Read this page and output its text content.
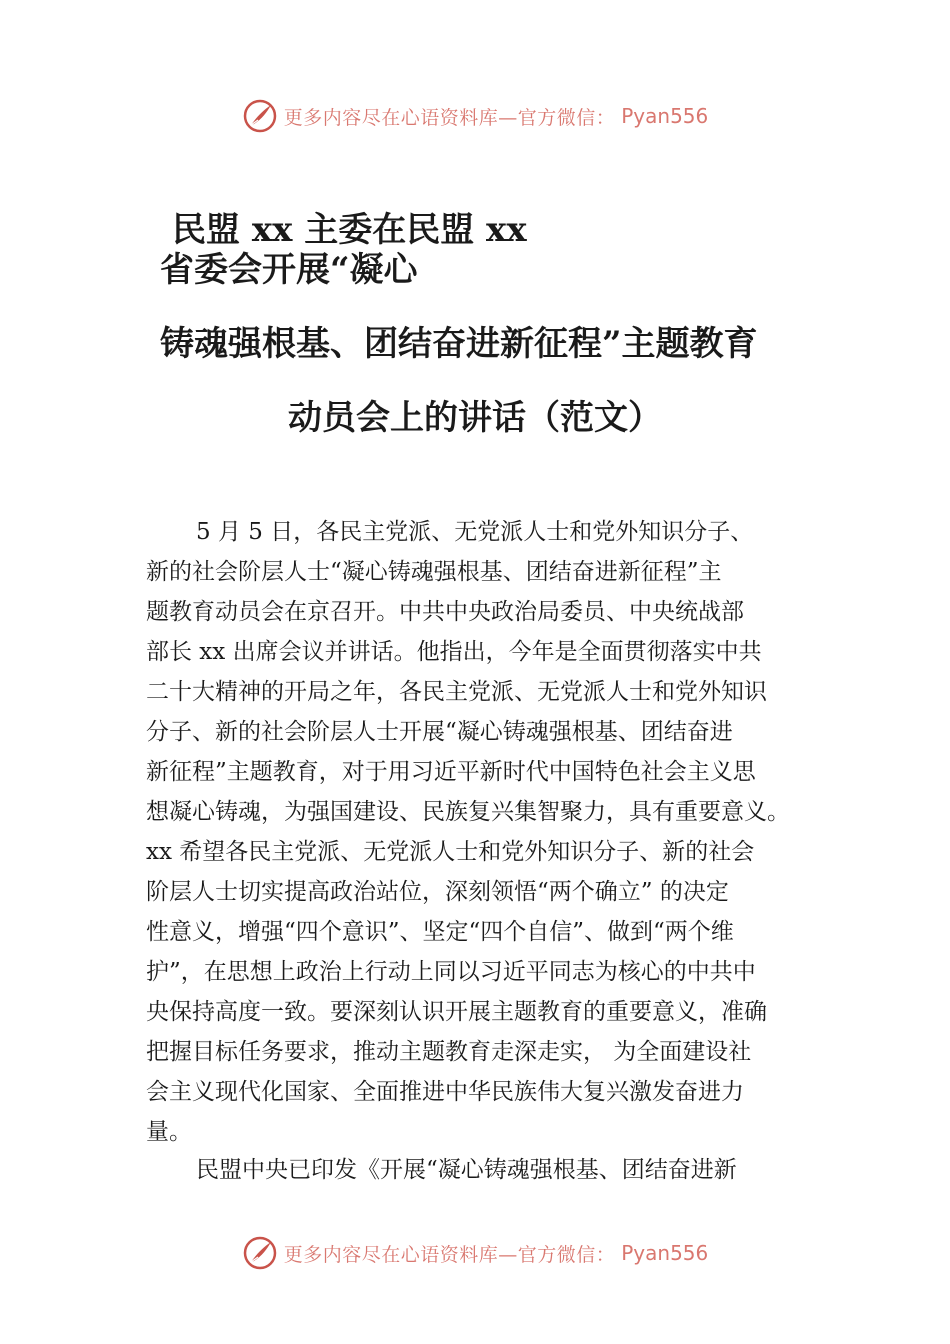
更多内容尽在心语资料库—官方微信： Pyan556
民盟 xx 主委在民盟 xx
省委会开展“凝心
铸魂强根基、团结奋进新征程”主题教育
动员会上的讲话（范文）
5 月 5 日，各民主党派、无党派人士和党外知识分子、
新的社会阶层人士“凝心铸魂强根基、团结奋进新征程”主
题教育动员会在京召开。中共中央政治局委员、中央统战部
部长 xx 出席会议并讲话。他指出，今年是全面贯彻落实中共
二十大精神的开局之年，各民主党派、无党派人士和党外知识
分子、新的社会阶层人士开展“凝心铸魂强根基、团结奋进
新征程”主题教育，对于用习近平新时代中国特色社会主义思
想凝心铸魂，为强国建设、民族复兴集智聚力，具有重要意义。
xx 希望各民主党派、无党派人士和党外知识分子、新的社会
阶层人士切实提高政治站位，深刻领悟“两个确立” 的决定
性意义，增强“四个意识”、坚定“四个自信”、做到“两个维
护”，在思想上政治上行动上同以习近平同志为核心的中共中
央保持高度一致。要深刻认识开展主题教育的重要意义，准确
把握目标任务要求，推动主题教育走深走实， 为全面建设社
会主义现代化国家、全面推进中华民族伟大复兴激发奋进力
量。
民盟中央已印发《开展“凝心铸魂强根基、团结奋进新
更多内容尽在心语资料库—官方微信： Pyan556
